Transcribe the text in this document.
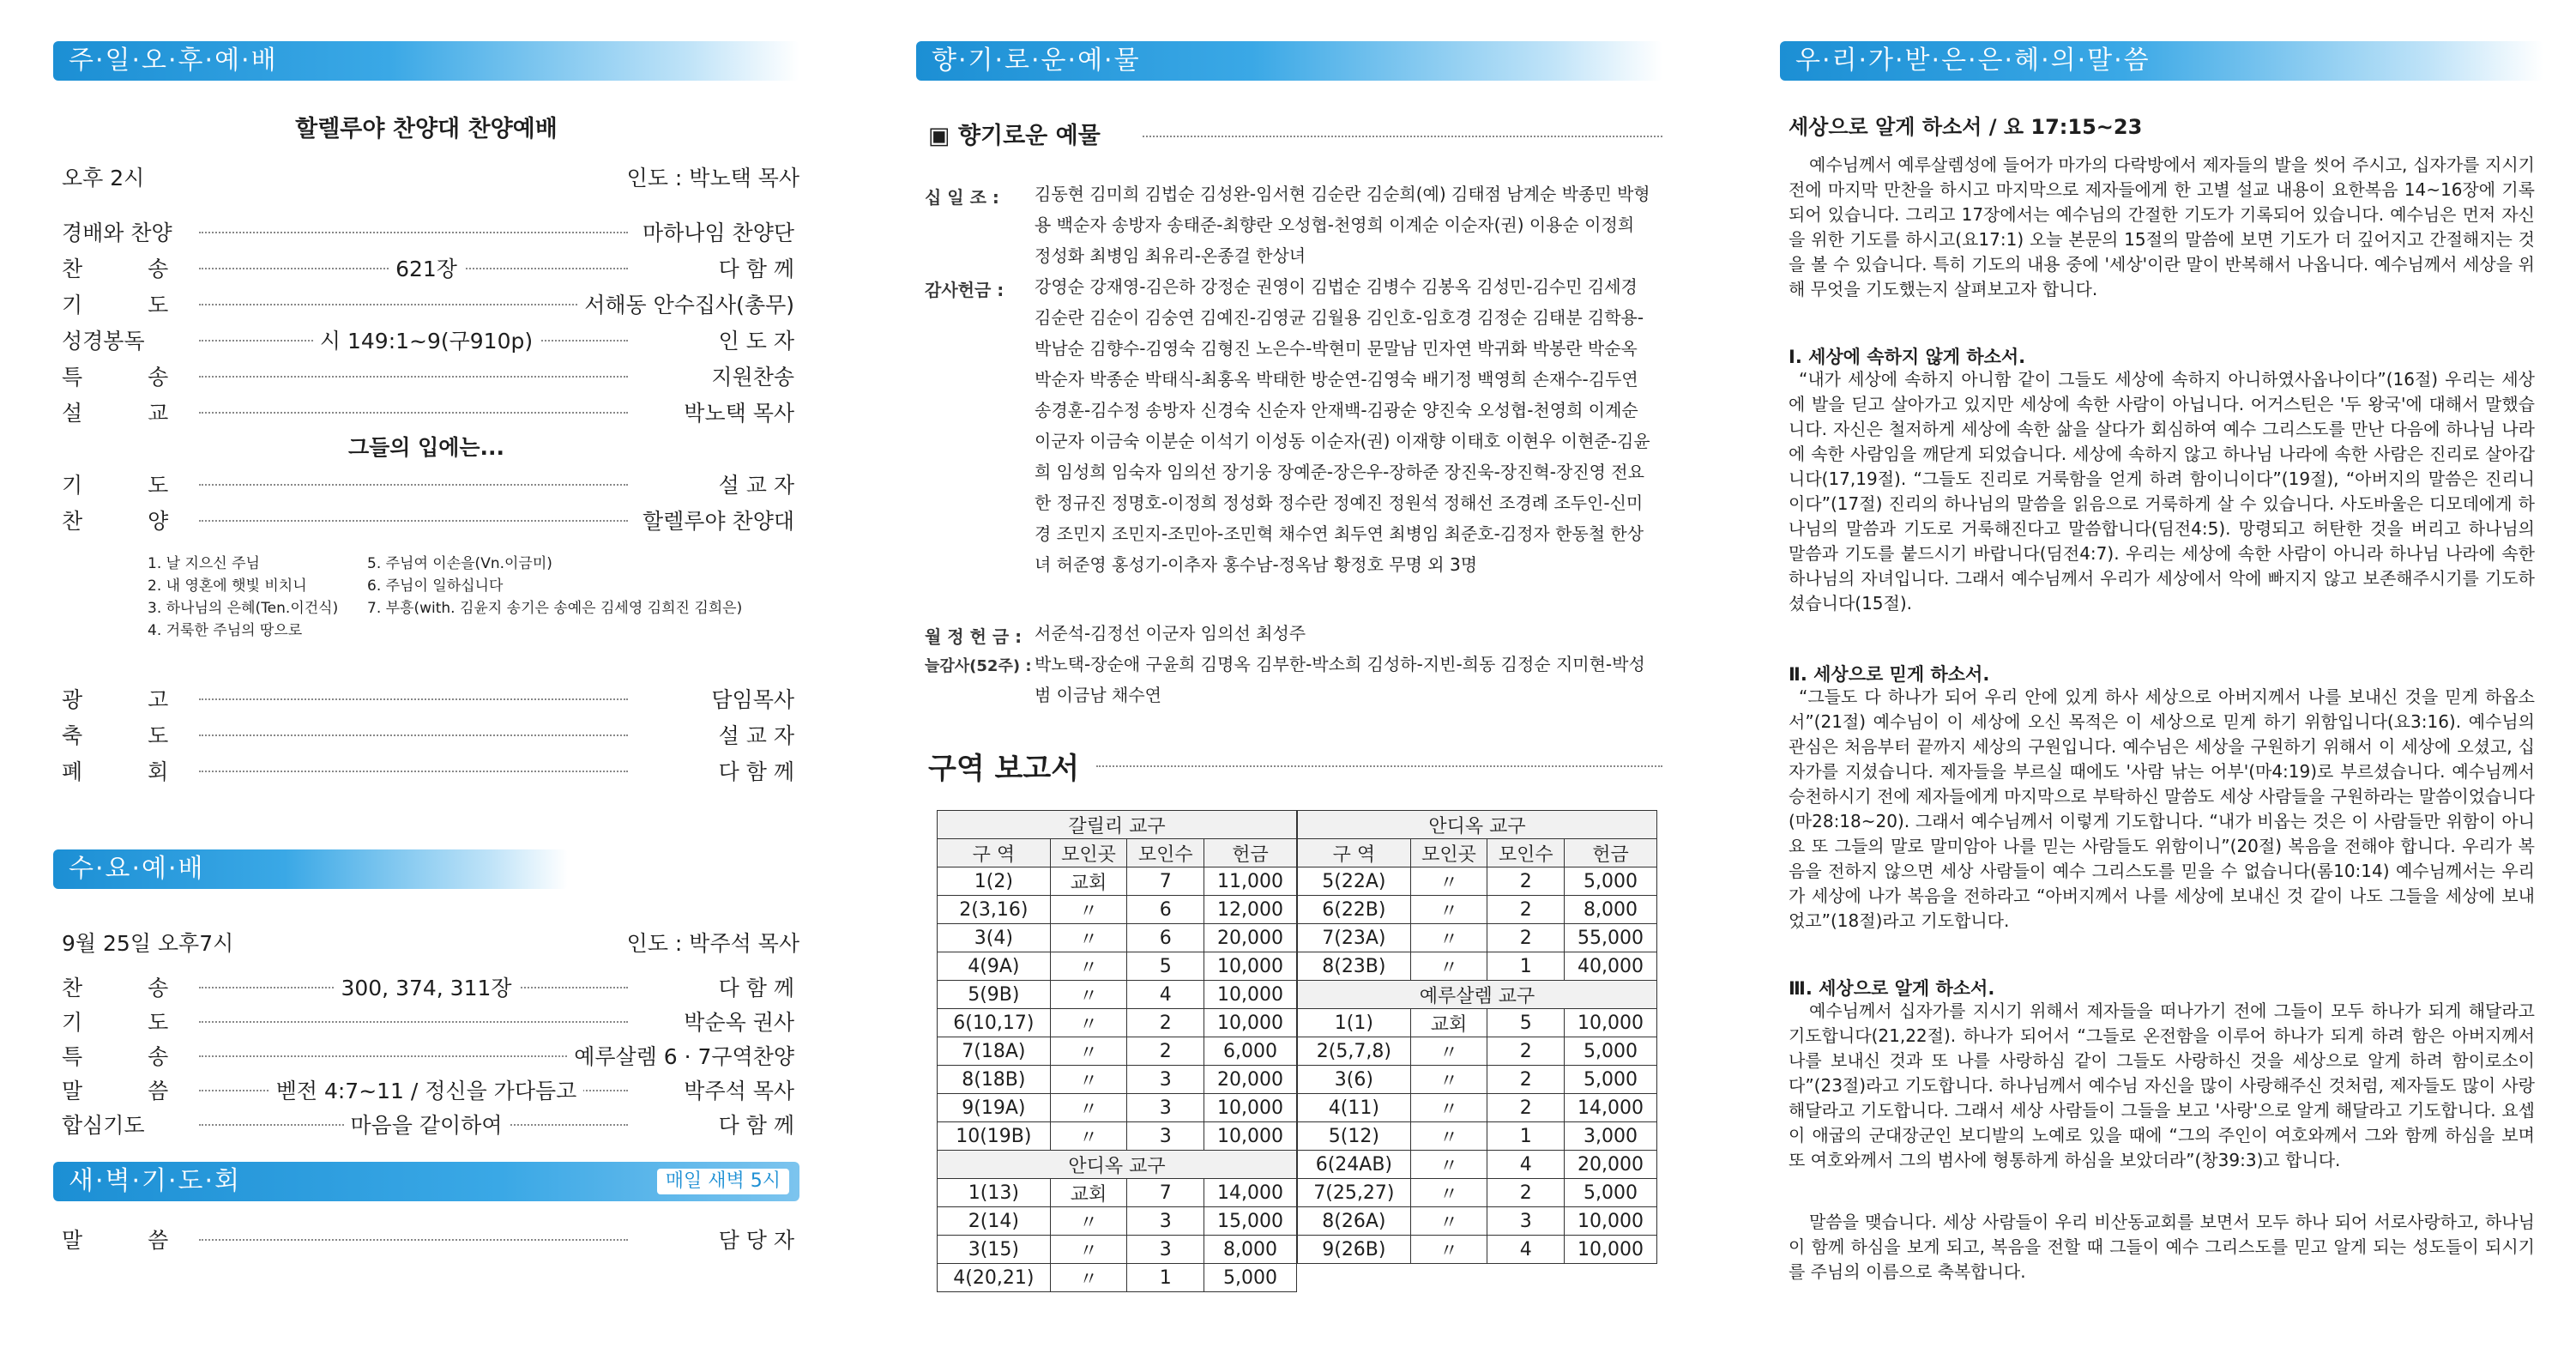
주·일·오·후·예·배
할렐루야 찬양대 찬양예배
오후 2시	인도 : 박노택 목사
경배와 찬양	마하나임 찬양단
찬 송	621장	다 함 께
기 도	서해동 안수집사(총무)
성경봉독	시 149:1~9(구910p)	인 도 자
특 송	지원찬송
설 교	박노택 목사
그들의 입에는...
기 도	설 교 자
찬 양	할렐루야 찬양대
1. 날 지으신 주님
2. 내 영혼에 햇빛 비치니
3. 하나님의 은혜(Ten.이건식)
4. 거룩한 주님의 땅으로
5. 주님여 이손을(Vn.이금미)
6. 주님이 일하십니다
7. 부흥(with. 김윤지 송기은 송예은 김세영 김희진 김희은)
광 고	담임목사
축 도	설 교 자
폐 회	다 함 께
수·요·예·배
9월 25일 오후7시	인도 : 박주석 목사
찬 송	300, 374, 311장	다 함 께
기 도	박순옥 권사
특 송	예루살렘 6 · 7구역찬양
말 씀	벧전 4:7~11 / 정신을 가다듬고	박주석 목사
합심기도	마음을 같이하여	다 함 께
새·벽·기·도·회	매일 새벽 5시
말 씀	담 당 자
향·기·로·운·예·물
▣ 향기로운 예물
십 일 조 : 김동현 김미희 김법순 김성완-임서현 김순란 김순희(예) 김태점 남계순 박종민 박형용 백순자 송방자 송태준-최향란 오성협-천영희 이계순 이순자(권) 이용순 이정희 정성화 최병임 최유리-온종걸 한상녀
감사헌금 : 강영순 강재영-김은하 강정순 권영이 김법순 김병수 김봉옥 김성민-김수민 김세경 김순란 김순이 김숭연 김예진-김영균 김월용 김인호-임호경 김정순 김태분 김학용-박남순 김향수-김영숙 김형진 노은수-박현미 문말남 민자연 박귀화 박봉란 박순옥 박순자 박종순 박태식-최홍옥 박태한 방순연-김영숙 배기정 백영희 손재수-김두연 송경훈-김수정 송방자 신경숙 신순자 안재백-김광순 양진숙 오성협-천영희 이계순 이군자 이금숙 이분순 이석기 이성동 이순자(권) 이재향 이태호 이현우 이현준-김윤희 임성희 임숙자 임의선 장기웅 장예준-장은우-장하준 장진욱-장진혁-장진영 전요한 정규진 정명호-이정희 정성화 정수란 정예진 정원석 정해선 조경례 조두인-신미경 조민지 조민지-조민아-조민혁 채수연 최두연 최병임 최준호-김정자 한동철 한상녀 허준영 홍성기-이추자 홍수남-정옥남 황정호 무명 외 3명
월 정 헌 금 : 서준석-김정선 이군자 임의선 최성주
늘감사(52주) : 박노택-장순애 구윤희 김명옥 김부한-박소희 김성하-지빈-희동 김정순 지미현-박성범 이금남 채수연
구역 보고서
갈릴리 교구			
구 역	모인곳	모인수	헌금
1(2)	교회	7	11,000
2(3,16)	〃	6	12,000
3(4)	〃	6	20,000
4(9A)	〃	5	10,000
5(9B)	〃	4	10,000
6(10,17)	〃	2	10,000
7(18A)	〃	2	6,000
8(18B)	〃	3	20,000
9(19A)	〃	3	10,000
10(19B)	〃	3	10,000
안디옥 교구			
1(13)	교회	7	14,000
2(14)	〃	3	15,000
3(15)	〃	3	8,000
4(20,21)	〃	1	5,000
안디옥 교구			
구 역	모인곳	모인수	헌금
5(22A)	〃	2	5,000
6(22B)	〃	2	8,000
7(23A)	〃	2	55,000
8(23B)	〃	1	40,000
예루살렘 교구			
1(1)	교회	5	10,000
2(5,7,8)	〃	2	5,000
3(6)	〃	2	5,000
4(11)	〃	2	14,000
5(12)	〃	1	3,000
6(24AB)	〃	4	20,000
7(25,27)	〃	2	5,000
8(26A)	〃	3	10,000
9(26B)	〃	4	10,000
우·리·가·받·은·은·혜·의·말·씀
세상으로 알게 하소서 / 요 17:15~23
예수님께서 예루살렘성에 들어가 마가의 다락방에서 제자들의 발을 씻어 주시고, 십자가를 지시기 전에 마지막 만찬을 하시고 마지막으로 제자들에게 한 고별 설교 내용이 요한복음 14~16장에 기록되어 있습니다. 그리고 17장에서는 예수님의 간절한 기도가 기록되어 있습니다. 예수님은 먼저 자신을 위한 기도를 하시고(요17:1) 오늘 본문의 15절의 말씀에 보면 기도가 더 깊어지고 간절해지는 것을 볼 수 있습니다. 특히 기도의 내용 중에 '세상'이란 말이 반복해서 나옵니다. 예수님께서 세상을 위해 무엇을 기도했는지 살펴보고자 합니다.
Ⅰ. 세상에 속하지 않게 하소서.
“내가 세상에 속하지 아니함 같이 그들도 세상에 속하지 아니하였사옵나이다”(16절) 우리는 세상에 발을 딛고 살아가고 있지만 세상에 속한 사람이 아닙니다. 어거스틴은 '두 왕국'에 대해서 말했습니다. 자신은 철저하게 세상에 속한 삶을 살다가 회심하여 예수 그리스도를 만난 다음에 하나님 나라에 속한 사람임을 깨닫게 되었습니다. 세상에 속하지 않고 하나님 나라에 속한 사람은 진리로 살아갑니다(17,19절). “그들도 진리로 거룩함을 얻게 하려 함이니이다”(19절), “아버지의 말씀은 진리니이다”(17절) 진리의 하나님의 말씀을 읽음으로 거룩하게 살 수 있습니다. 사도바울은 디모데에게 하나님의 말씀과 기도로 거룩해진다고 말씀합니다(딤전4:5). 망령되고 허탄한 것을 버리고 하나님의 말씀과 기도를 붙드시기 바랍니다(딤전4:7). 우리는 세상에 속한 사람이 아니라 하나님 나라에 속한 하나님의 자녀입니다. 그래서 예수님께서 우리가 세상에서 악에 빠지지 않고 보존해주시기를 기도하셨습니다(15절).
Ⅱ. 세상으로 믿게 하소서.
“그들도 다 하나가 되어 우리 안에 있게 하사 세상으로 아버지께서 나를 보내신 것을 믿게 하옵소서”(21절) 예수님이 이 세상에 오신 목적은 이 세상으로 믿게 하기 위함입니다(요3:16). 예수님의 관심은 처음부터 끝까지 세상의 구원입니다. 예수님은 세상을 구원하기 위해서 이 세상에 오셨고, 십자가를 지셨습니다. 제자들을 부르실 때에도 '사람 낚는 어부'(마4:19)로 부르셨습니다. 예수님께서 승천하시기 전에 제자들에게 마지막으로 부탁하신 말씀도 세상 사람들을 구원하라는 말씀이었습니다(마28:18~20). 그래서 예수님께서 이렇게 기도합니다. “내가 비옵는 것은 이 사람들만 위함이 아니요 또 그들의 말로 말미암아 나를 믿는 사람들도 위함이니”(20절) 복음을 전해야 합니다. 우리가 복음을 전하지 않으면 세상 사람들이 예수 그리스도를 믿을 수 없습니다(롬10:14) 예수님께서는 우리가 세상에 나가 복음을 전하라고 “아버지께서 나를 세상에 보내신 것 같이 나도 그들을 세상에 보내었고”(18절)라고 기도합니다.
Ⅲ. 세상으로 알게 하소서.
예수님께서 십자가를 지시기 위해서 제자들을 떠나가기 전에 그들이 모두 하나가 되게 해달라고 기도합니다(21,22절). 하나가 되어서 “그들로 온전함을 이루어 하나가 되게 하려 함은 아버지께서 나를 보내신 것과 또 나를 사랑하심 같이 그들도 사랑하신 것을 세상으로 알게 하려 함이로소이다”(23절)라고 기도합니다. 하나님께서 예수님 자신을 많이 사랑해주신 것처럼, 제자들도 많이 사랑해달라고 기도합니다. 그래서 세상 사람들이 그들을 보고 '사랑'으로 알게 해달라고 기도합니다. 요셉이 애굽의 군대장군인 보디발의 노예로 있을 때에 “그의 주인이 여호와께서 그와 함께 하심을 보며 또 여호와께서 그의 범사에 형통하게 하심을 보았더라”(창39:3)고 합니다.
말씀을 맺습니다. 세상 사람들이 우리 비산동교회를 보면서 모두 하나 되어 서로사랑하고, 하나님이 함께 하심을 보게 되고, 복음을 전할 때 그들이 예수 그리스도를 믿고 알게 되는 성도들이 되시기를 주님의 이름으로 축복합니다.
